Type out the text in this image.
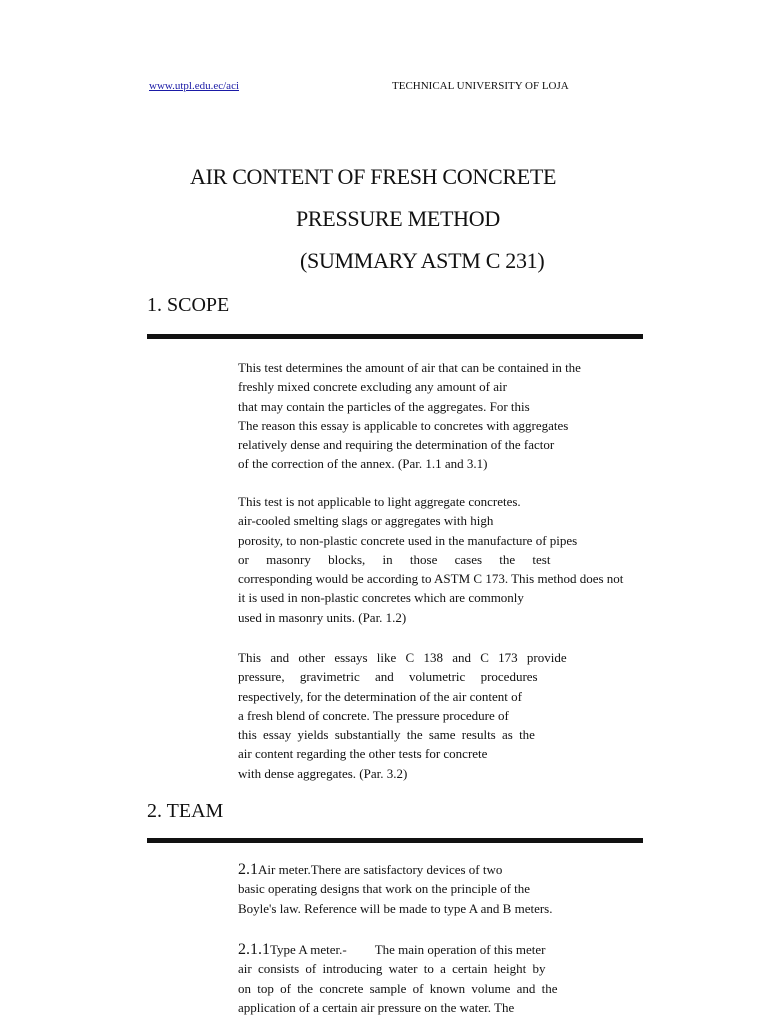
www.utpl.edu.ec/aci	TECHNICAL UNIVERSITY OF LOJA
AIR CONTENT OF FRESH CONCRETE
PRESSURE METHOD
(SUMMARY ASTM C 231)
1. SCOPE
This test determines the amount of air that can be contained in the
freshly mixed concrete excluding any amount of air
that may contain the particles of the aggregates. For this
The reason this essay is applicable to concretes with aggregates
relatively dense and requiring the determination of the factor
of the correction of the annex. (Par. 1.1 and 3.1)
This test is not applicable to light aggregate concretes.
air-cooled smelting slags or aggregates with high
porosity, to non-plastic concrete used in the manufacture of pipes
or masonry blocks, in those cases the test
corresponding would be according to ASTM C 173. This method does not
it is used in non-plastic concretes which are commonly
used in masonry units. (Par. 1.2)
This and other essays like C 138 and C 173 provide
pressure, gravimetric and volumetric procedures
respectively, for the determination of the air content of
a fresh blend of concrete. The pressure procedure of
this essay yields substantially the same results as the
air content regarding the other tests for concrete
with dense aggregates. (Par. 3.2)
2. TEAM
2.1Air meter.There are satisfactory devices of two
basic operating designs that work on the principle of the
Boyle's law. Reference will be made to type A and B meters.
2.1.1Type A meter.- The main operation of this meter
air consists of introducing water to a certain height by
on top of the concrete sample of known volume and the
application of a certain air pressure on the water. The
